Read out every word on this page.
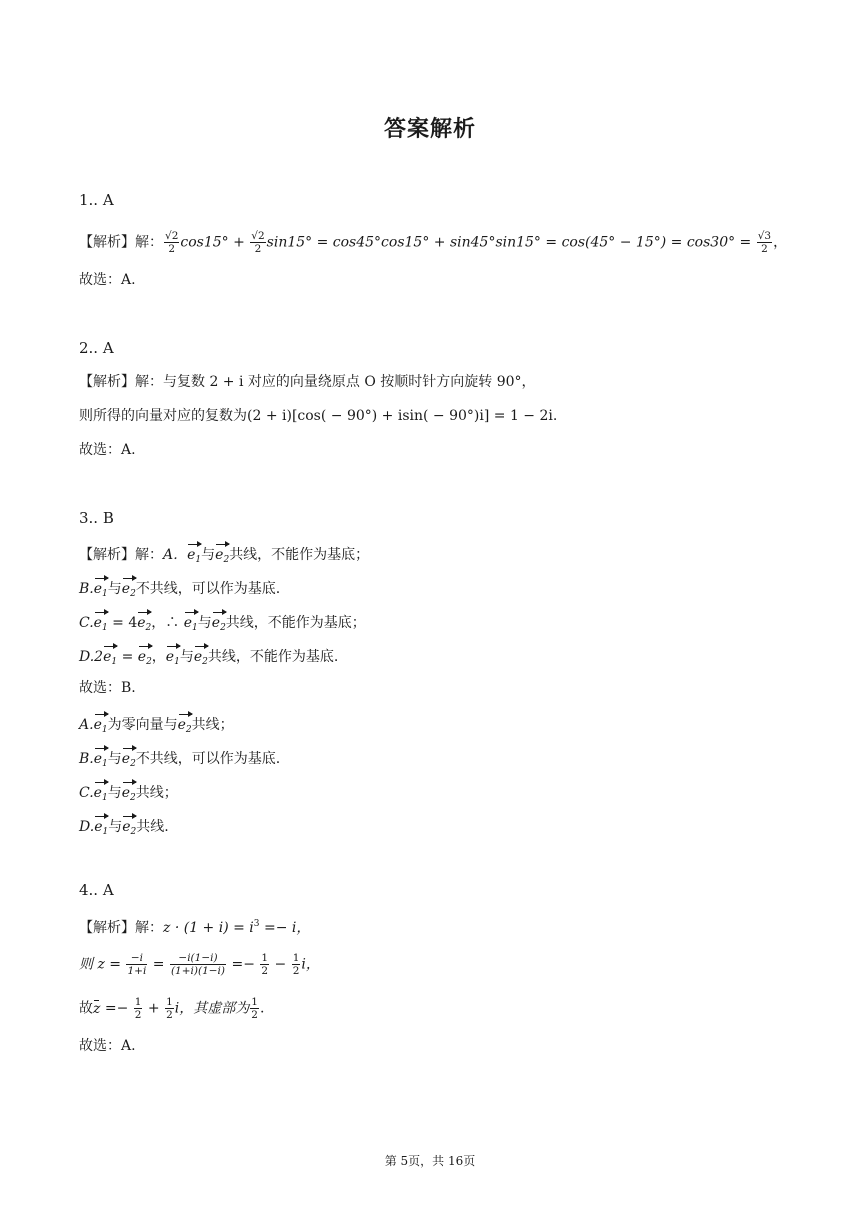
答案解析
1.. A
【解析】解： $\frac{√2}{2} \cos 15^\circ + \frac{√2}{2} \sin 15^\circ = \cos 45^\circ\cos 15^\circ + \sin 45^\circ\sin 15^\circ = \cos(45^\circ - 15^\circ) = \cos 30^\circ = \frac{√3}{2}$ ，
故选：A.
2.. A
【解析】解：与复数 2 + i 对应的向量绕原点 O 按顺时针方向旋转 90°，
则所得的向量对应的复数为(2 + i)[cos( − 90°) + isin( − 90°)i] = 1 − 2i.
故选：A.
3.. B
【解析】解：A．$e_1$与$e_2$共线，不能作为基底；
$B.e_1$与$e_2$不共线，可以作为基底.
$C.e_1 = 4e_2$，∴ $e_1$与$e_2$共线，不能作为基底；
$D.2e_1 = e_2$，$e_1$与$e_2$共线，不能作为基底.
故选：B.
$A.e_1$为零向量与$e_2$共线；
$B.e_1$与$e_2$不共线，可以作为基底.
$C.e_1$与$e_2$共线；
$D.e_1$与$e_2$共线.
4.. A
【解析】解：$z \cdot (1 + i) = i^3 =- i$，
则 $z = \frac{-i}{1+i} = \frac{-i(1-i)}{(1+i)(1-i)} =- \frac{1}{2} - \frac{1}{2}$ i，
故$z =- \frac{1}{2} + \frac{1}{2}$ i，其虚部为 $\frac{1}{2}$ .
故选：A.
第 5页，共 16页
